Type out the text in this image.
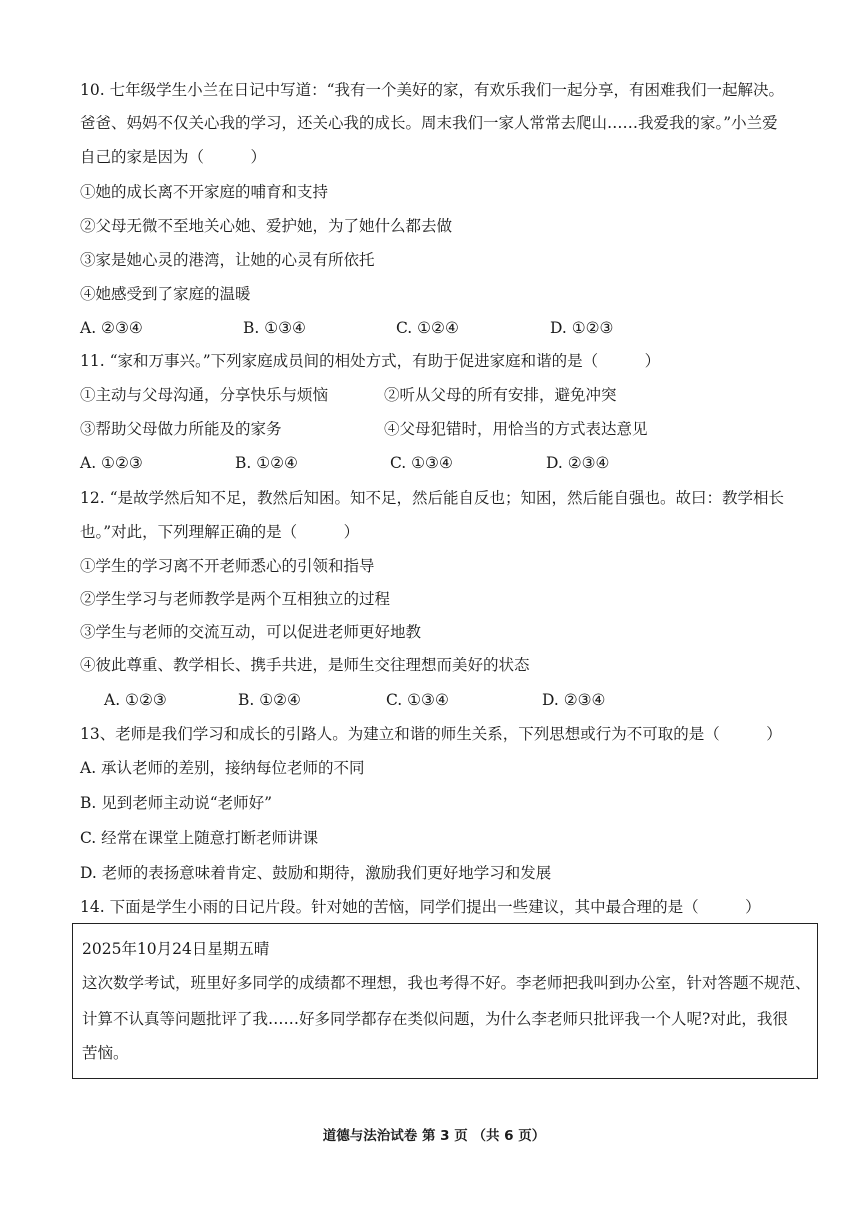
10. 七年级学生小兰在日记中写道：“我有一个美好的家，有欢乐我们一起分享，有困难我们一起解决。
爸爸、妈妈不仅关心我的学习，还关心我的成长。周末我们一家人常常去爬山……我爱我的家。”小兰爱
自己的家是因为（　　　）
①她的成长离不开家庭的哺育和支持
②父母无微不至地关心她、爱护她，为了她什么都去做
③家是她心灵的港湾，让她的心灵有所依托
④她感受到了家庭的温暖
A. ②③④	B. ①③④	C. ①②④	D. ①②③
11. “家和万事兴。”下列家庭成员间的相处方式，有助于促进家庭和谐的是（　　　）
①主动与父母沟通，分享快乐与烦恼	②听从父母的所有安排，避免冲突
③帮助父母做力所能及的家务	④父母犯错时，用恰当的方式表达意见
A. ①②③	B. ①②④	C. ①③④	D. ②③④
12. “是故学然后知不足，教然后知困。知不足，然后能自反也；知困，然后能自强也。故曰：教学相长
也。”对此，下列理解正确的是（　　　）
①学生的学习离不开老师悉心的引领和指导
②学生学习与老师教学是两个互相独立的过程
③学生与老师的交流互动，可以促进老师更好地教
④彼此尊重、教学相长、携手共进，是师生交往理想而美好的状态
A. ①②③	B. ①②④	C. ①③④	D. ②③④
13、老师是我们学习和成长的引路人。为建立和谐的师生关系，下列思想或行为不可取的是（　　　）
A. 承认老师的差别，接纳每位老师的不同
B. 见到老师主动说“老师好”
C. 经常在课堂上随意打断老师讲课
D. 老师的表扬意味着肯定、鼓励和期待，激励我们更好地学习和发展
14. 下面是学生小雨的日记片段。针对她的苦恼，同学们提出一些建议，其中最合理的是（　　　）
2025年10月24日星期五晴
这次数学考试，班里好多同学的成绩都不理想，我也考得不好。李老师把我叫到办公室，针对答题不规范、
计算不认真等问题批评了我……好多同学都存在类似问题，为什么李老师只批评我一个人呢?对此，我很
苦恼。
道德与法治试卷 第 3 页 （共 6 页）
